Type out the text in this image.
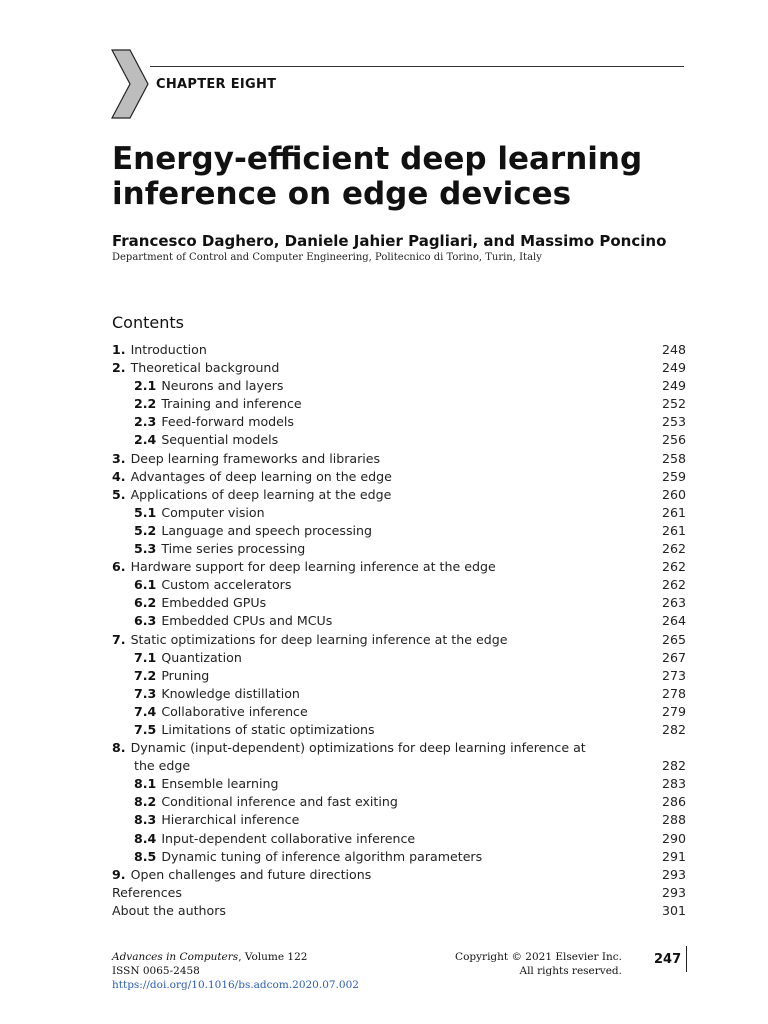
CHAPTER EIGHT
Energy-efficient deep learning
inference on edge devices
Francesco Daghero, Daniele Jahier Pagliari, and Massimo Poncino
Department of Control and Computer Engineering, Politecnico di Torino, Turin, Italy
Contents
1. Introduction	248
2. Theoretical background	249
2.1 Neurons and layers	249
2.2 Training and inference	252
2.3 Feed-forward models	253
2.4 Sequential models	256
3. Deep learning frameworks and libraries	258
4. Advantages of deep learning on the edge	259
5. Applications of deep learning at the edge	260
5.1 Computer vision	261
5.2 Language and speech processing	261
5.3 Time series processing	262
6. Hardware support for deep learning inference at the edge	262
6.1 Custom accelerators	262
6.2 Embedded GPUs	263
6.3 Embedded CPUs and MCUs	264
7. Static optimizations for deep learning inference at the edge	265
7.1 Quantization	267
7.2 Pruning	273
7.3 Knowledge distillation	278
7.4 Collaborative inference	279
7.5 Limitations of static optimizations	282
8. Dynamic (input-dependent) optimizations for deep learning inference at
the edge	282
8.1 Ensemble learning	283
8.2 Conditional inference and fast exiting	286
8.3 Hierarchical inference	288
8.4 Input-dependent collaborative inference	290
8.5 Dynamic tuning of inference algorithm parameters	291
9. Open challenges and future directions	293
References	293
About the authors	301
Advances in Computers, Volume 122
ISSN 0065-2458
https://doi.org/10.1016/bs.adcom.2020.07.002
Copyright © 2021 Elsevier Inc.
All rights reserved.
247
